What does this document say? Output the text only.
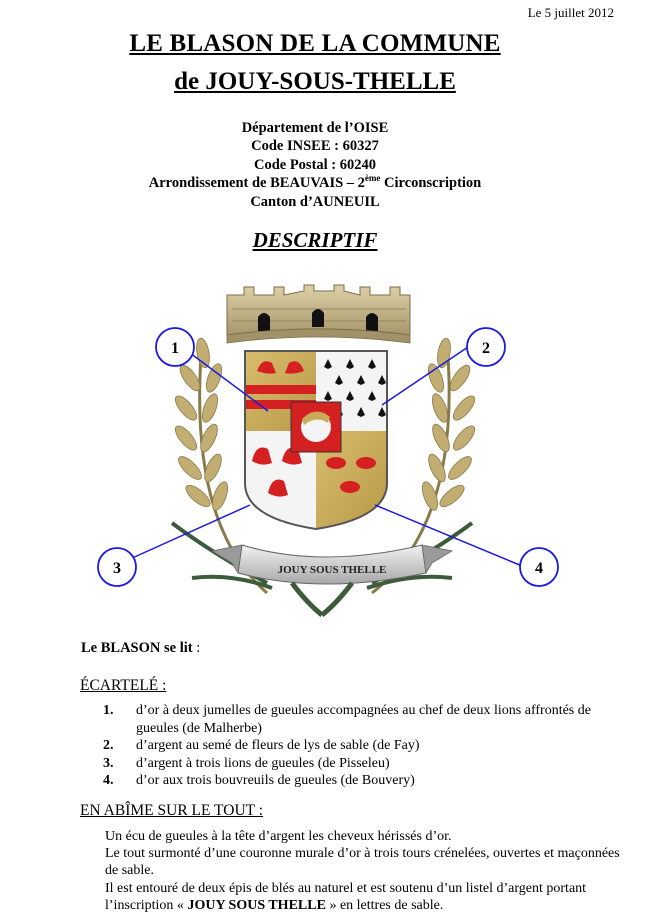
Le 5 juillet 2012
LE BLASON DE LA COMMUNE
de JOUY-SOUS-THELLE
Département de l’OISE
Code INSEE : 60327
Code Postal : 60240
Arrondissement de BEAUVAIS – 2ème Circonscription
Canton d’AUNEUIL
DESCRIPTIF
JOUY SOUS THELLE
1	2
3	4
Le BLASON se lit :
ÉCARTELÉ :
1.	d’or à deux jumelles de gueules accompagnées au chef de deux lions affrontés de gueules (de Malherbe)
2.	d’argent au semé de fleurs de lys de sable (de Fay)
3.	d’argent à trois lions de gueules (de Pisseleu)
4.	d’or aux trois bouvreuils de gueules (de Bouvery)
EN ABÎME SUR LE TOUT :
Un écu de gueules à la tête d’argent les cheveux hérissés d’or.
Le tout surmonté d’une couronne murale d’or à trois tours crénelées, ouvertes et maçonnées de sable.
Il est entouré de deux épis de blés au naturel et est soutenu d’un listel d’argent portant l’inscription « JOUY SOUS THELLE » en lettres de sable.
